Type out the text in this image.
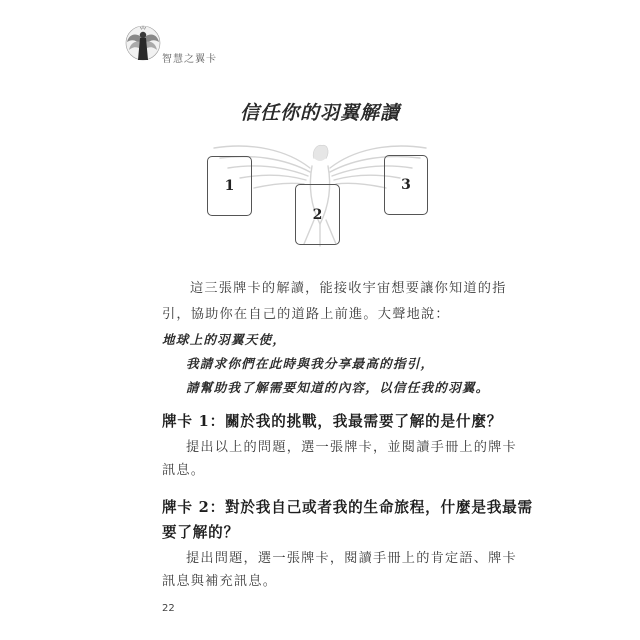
智慧之翼卡
信任你的羽翼解讀
1
2
3
這三張牌卡的解讀，能接收宇宙想要讓你知道的指
引，協助你在自己的道路上前進。大聲地說：
地球上的羽翼天使，
我請求你們在此時與我分享最高的指引，
請幫助我了解需要知道的內容，以信任我的羽翼。
牌卡 1：關於我的挑戰，我最需要了解的是什麼？
提出以上的問題，選一張牌卡，並閱讀手冊上的牌卡
訊息。
牌卡 2：對於我自己或者我的生命旅程，什麼是我最需
要了解的？
提出問題，選一張牌卡，閱讀手冊上的肯定語、牌卡
訊息與補充訊息。
22
